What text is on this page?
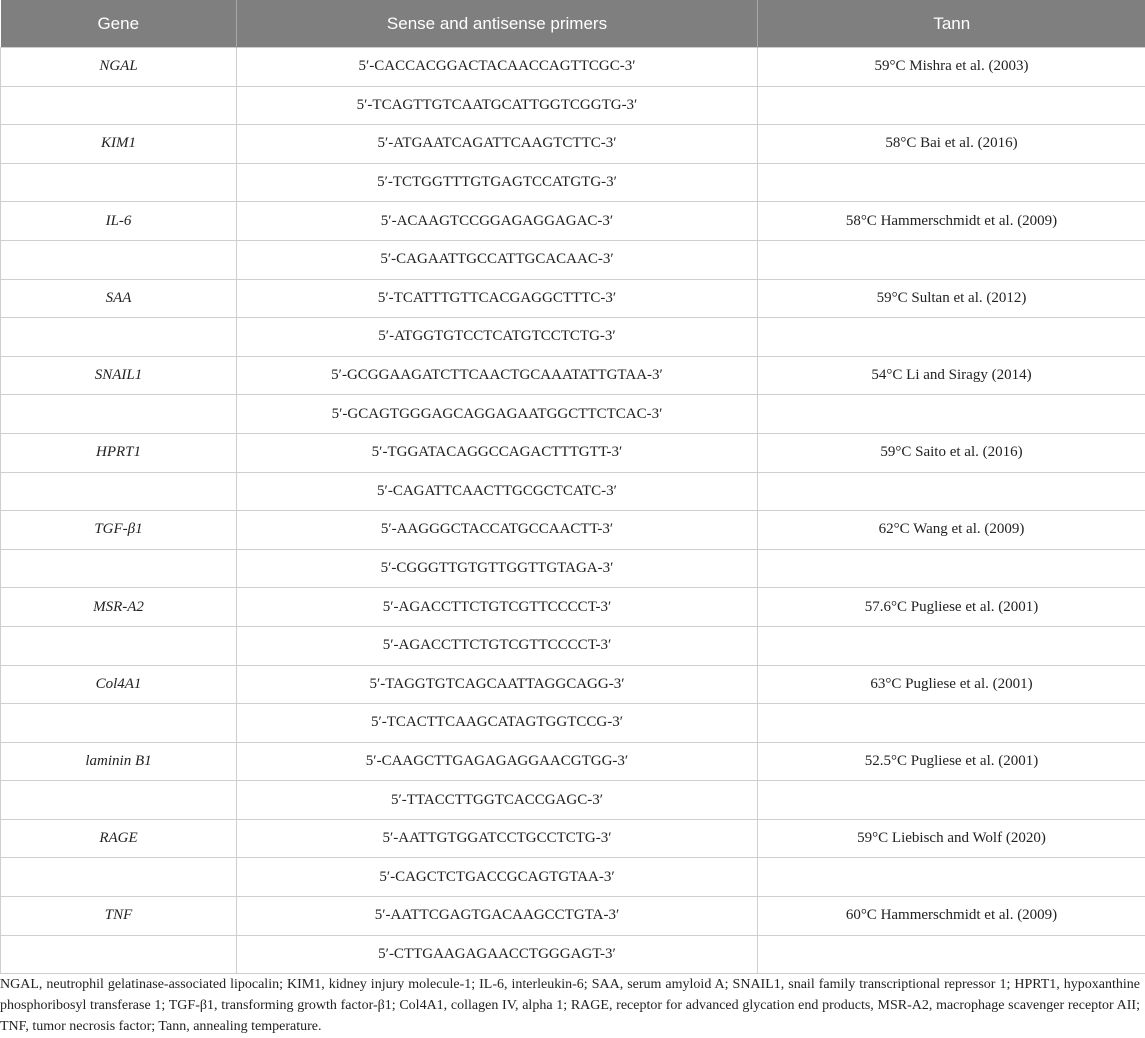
Gene	Sense and antisense primers	Tann
NGAL	5′-CACCACGGACTACAACCAGTTCGC-3′	59°C Mishra et al. (2003)
	5′-TCAGTTGTCAATGCATTGGTCGGTG-3′	
KIM1	5′-ATGAATCAGATTCAAGTCTTC-3′	58°C Bai et al. (2016)
	5′-TCTGGTTTGTGAGTCCATGTG-3′	
IL-6	5′-ACAAGTCCGGAGAGGAGAC-3′	58°C Hammerschmidt et al. (2009)
	5′-CAGAATTGCCATTGCACAAC-3′	
SAA	5′-TCATTTGTTCACGAGGCTTTC-3′	59°C Sultan et al. (2012)
	5′-ATGGTGTCCTCATGTCCTCTG-3′	
SNAIL1	5′-GCGGAAGATCTTCAACTGCAAATATTGTAA-3′	54°C Li and Siragy (2014)
	5′-GCAGTGGGAGCAGGAGAATGGCTTCTCAC-3′	
HPRT1	5′-TGGATACAGGCCAGACTTTGTT-3′	59°C Saito et al. (2016)
	5′-CAGATTCAACTTGCGCTCATC-3′	
TGF-β1	5′-AAGGGCTACCATGCCAACTT-3′	62°C Wang et al. (2009)
	5′-CGGGTTGTGTTGGTTGTAGA-3′	
MSR-A2	5′-AGACCTTCTGTCGTTCCCCT-3′	57.6°C Pugliese et al. (2001)
	5′-AGACCTTCTGTCGTTCCCCT-3′	
Col4A1	5′-TAGGTGTCAGCAATTAGGCAGG-3′	63°C Pugliese et al. (2001)
	5′-TCACTTCAAGCATAGTGGTCCG-3′	
laminin B1	5′-CAAGCTTGAGAGAGGAACGTGG-3′	52.5°C Pugliese et al. (2001)
	5′-TTACCTTGGTCACCGAGC-3′	
RAGE	5′-AATTGTGGATCCTGCCTCTG-3′	59°C Liebisch and Wolf (2020)
	5′-CAGCTCTGACCGCAGTGTAA-3′	
TNF	5′-AATTCGAGTGACAAGCCTGTA-3′	60°C Hammerschmidt et al. (2009)
	5′-CTTGAAGAGAACCTGGGAGT-3′	
NGAL, neutrophil gelatinase-associated lipocalin; KIM1, kidney injury molecule-1; IL-6, interleukin-6; SAA, serum amyloid A; SNAIL1, snail family transcriptional repressor 1; HPRT1, hypoxanthine phosphoribosyl transferase 1; TGF-β1, transforming growth factor-β1; Col4A1, collagen IV, alpha 1; RAGE, receptor for advanced glycation end products, MSR-A2, macrophage scavenger receptor AII; TNF, tumor necrosis factor; Tann, annealing temperature.
